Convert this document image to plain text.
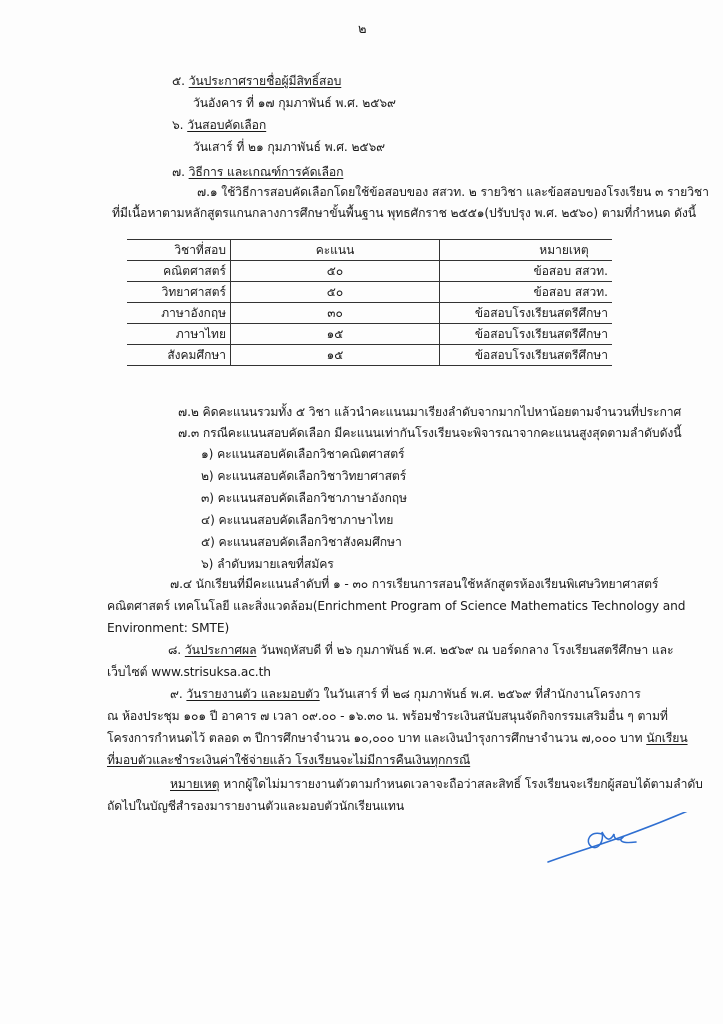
๒
๕. วันประกาศรายชื่อผู้มีสิทธิ์สอบ
วันอังคาร ที่ ๑๗ กุมภาพันธ์ พ.ศ. ๒๕๖๙
๖. วันสอบคัดเลือก
วันเสาร์ ที่ ๒๑ กุมภาพันธ์ พ.ศ. ๒๕๖๙
๗. วิธีการ และเกณฑ์การคัดเลือก
๗.๑ ใช้วิธีการสอบคัดเลือกโดยใช้ข้อสอบของ สสวท. ๒ รายวิชา และข้อสอบของโรงเรียน ๓ รายวิชา
ที่มีเนื้อหาตามหลักสูตรแกนกลางการศึกษาขั้นพื้นฐาน พุทธศักราช ๒๕๕๑(ปรับปรุง พ.ศ. ๒๕๖๐) ตามที่กำหนด ดังนี้
วิชาที่สอบ	คะแนน	หมายเหตุ
คณิตศาสตร์	๕๐	ข้อสอบ สสวท.
วิทยาศาสตร์	๕๐	ข้อสอบ สสวท.
ภาษาอังกฤษ	๓๐	ข้อสอบโรงเรียนสตรีศึกษา
ภาษาไทย	๑๕	ข้อสอบโรงเรียนสตรีศึกษา
สังคมศึกษา	๑๕	ข้อสอบโรงเรียนสตรีศึกษา
๗.๒ คิดคะแนนรวมทั้ง ๕ วิชา แล้วนำคะแนนมาเรียงลำดับจากมากไปหาน้อยตามจำนวนที่ประกาศ
๗.๓ กรณีคะแนนสอบคัดเลือก มีคะแนนเท่ากันโรงเรียนจะพิจารณาจากคะแนนสูงสุดตามลำดับดังนี้
๑) คะแนนสอบคัดเลือกวิชาคณิตศาสตร์
๒) คะแนนสอบคัดเลือกวิชาวิทยาศาสตร์
๓) คะแนนสอบคัดเลือกวิชาภาษาอังกฤษ
๔) คะแนนสอบคัดเลือกวิชาภาษาไทย
๕) คะแนนสอบคัดเลือกวิชาสังคมศึกษา
๖) ลำดับหมายเลขที่สมัคร
๗.๔ นักเรียนที่มีคะแนนลำดับที่ ๑ - ๓๐ การเรียนการสอนใช้หลักสูตรห้องเรียนพิเศษวิทยาศาสตร์
คณิตศาสตร์ เทคโนโลยี และสิ่งแวดล้อม(Enrichment Program of Science Mathematics Technology and
Environment: SMTE)
๘. วันประกาศผล วันพฤหัสบดี ที่ ๒๖ กุมภาพันธ์ พ.ศ. ๒๕๖๙ ณ บอร์ดกลาง โรงเรียนสตรีศึกษา และ
เว็บไซต์ www.strisuksa.ac.th
๙. วันรายงานตัว และมอบตัว ในวันเสาร์ ที่ ๒๘ กุมภาพันธ์ พ.ศ. ๒๕๖๙ ที่สำนักงานโครงการ
ณ ห้องประชุม ๑๐๑ ปี อาคาร ๗ เวลา ๐๙.๐๐ - ๑๖.๓๐ น. พร้อมชำระเงินสนับสนุนจัดกิจกรรมเสริมอื่น ๆ ตามที่
โครงการกำหนดไว้ ตลอด ๓ ปีการศึกษาจำนวน ๑๐,๐๐๐ บาท และเงินบำรุงการศึกษาจำนวน ๗,๐๐๐ บาท นักเรียน
ที่มอบตัวและชำระเงินค่าใช้จ่ายแล้ว โรงเรียนจะไม่มีการคืนเงินทุกกรณี
หมายเหตุ หากผู้ใดไม่มารายงานตัวตามกำหนดเวลาจะถือว่าสละสิทธิ์ โรงเรียนจะเรียกผู้สอบได้ตามลำดับ
ถัดไปในบัญชีสำรองมารายงานตัวและมอบตัวนักเรียนแทน
